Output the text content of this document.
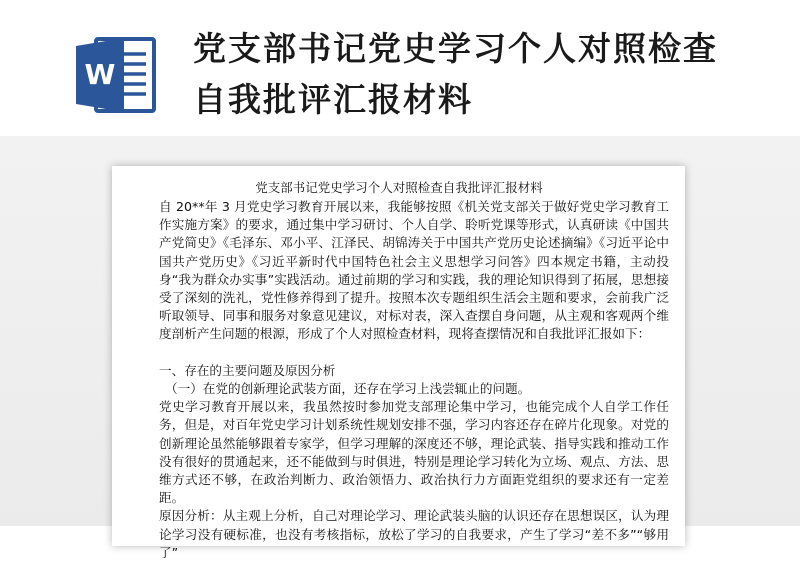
W
党支部书记党史学习个人对照检查自我批评汇报材料
党支部书记党史学习个人对照检查自我批评汇报材料

自 20**年 3 月党史学习教育开展以来，我能够按照《机关党支部关于做好党史学习教育工作实施方案》的要求，通过集中学习研讨、个人自学、聆听党课等形式，认真研读《中国共产党简史》《毛泽东、邓小平、江泽民、胡锦涛关于中国共产党历史论述摘编》《习近平论中国共产党历史》《习近平新时代中国特色社会主义思想学习问答》四本规定书籍，主动投身“我为群众办实事”实践活动。通过前期的学习和实践，我的理论知识得到了拓展，思想接受了深刻的洗礼，党性修养得到了提升。按照本次专题组织生活会主题和要求，会前我广泛听取领导、同事和服务对象意见建议，对标对表，深入查摆自身问题，从主观和客观两个维度剖析产生问题的根源，形成了个人对照检查材料，现将查摆情况和自我批评汇报如下：

一、存在的主要问题及原因分析

（一）在党的创新理论武装方面，还存在学习上浅尝辄止的问题。

党史学习教育开展以来，我虽然按时参加党支部理论集中学习，也能完成个人自学工作任务，但是，对百年党史学习计划系统性规划安排不强，学习内容还存在碎片化现象。对党的创新理论虽然能够跟着专家学，但学习理解的深度还不够，理论武装、指导实践和推动工作没有很好的贯通起来，还不能做到与时俱进，特别是理论学习转化为立场、观点、方法、思维方式还不够，在政治判断力、政治领悟力、政治执行力方面距党组织的要求还有一定差距。

原因分析：从主观上分析，自己对理论学习、理论武装头脑的认识还存在思想误区，认为理论学习没有硬标准，也没有考核指标，放松了学习的自我要求，产生了学习“差不多”“够用了”
